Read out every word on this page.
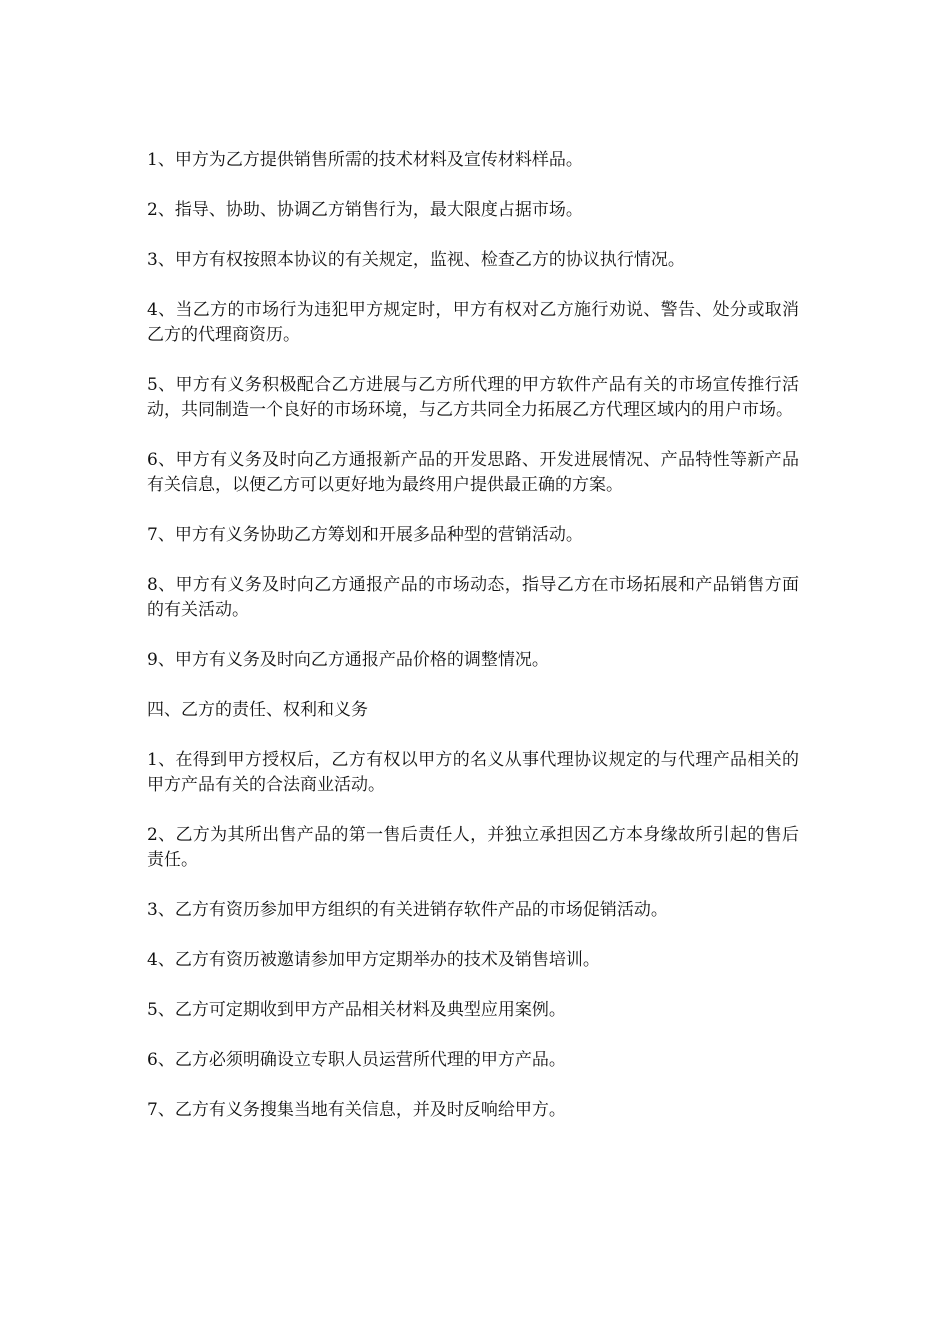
1、甲方为乙方提供销售所需的技术材料及宣传材料样品。

2、指导、协助、协调乙方销售行为，最大限度占据市场。

3、甲方有权按照本协议的有关规定，监视、检查乙方的协议执行情况。

4、当乙方的市场行为违犯甲方规定时，甲方有权对乙方施行劝说、警告、处分或取消乙方的代理商资历。

5、甲方有义务积极配合乙方进展与乙方所代理的甲方软件产品有关的市场宣传推行活动，共同制造一个良好的市场环境，与乙方共同全力拓展乙方代理区域内的用户市场。

6、甲方有义务及时向乙方通报新产品的开发思路、开发进展情况、产品特性等新产品有关信息，以便乙方可以更好地为最终用户提供最正确的方案。

7、甲方有义务协助乙方筹划和开展多品种型的营销活动。

8、甲方有义务及时向乙方通报产品的市场动态，指导乙方在市场拓展和产品销售方面的有关活动。

9、甲方有义务及时向乙方通报产品价格的调整情况。

四、乙方的责任、权利和义务

1、在得到甲方授权后，乙方有权以甲方的名义从事代理协议规定的与代理产品相关的甲方产品有关的合法商业活动。

2、乙方为其所出售产品的第一售后责任人，并独立承担因乙方本身缘故所引起的售后责任。

3、乙方有资历参加甲方组织的有关进销存软件产品的市场促销活动。

4、乙方有资历被邀请参加甲方定期举办的技术及销售培训。

5、乙方可定期收到甲方产品相关材料及典型应用案例。

6、乙方必须明确设立专职人员运营所代理的甲方产品。

7、乙方有义务搜集当地有关信息，并及时反响给甲方。
